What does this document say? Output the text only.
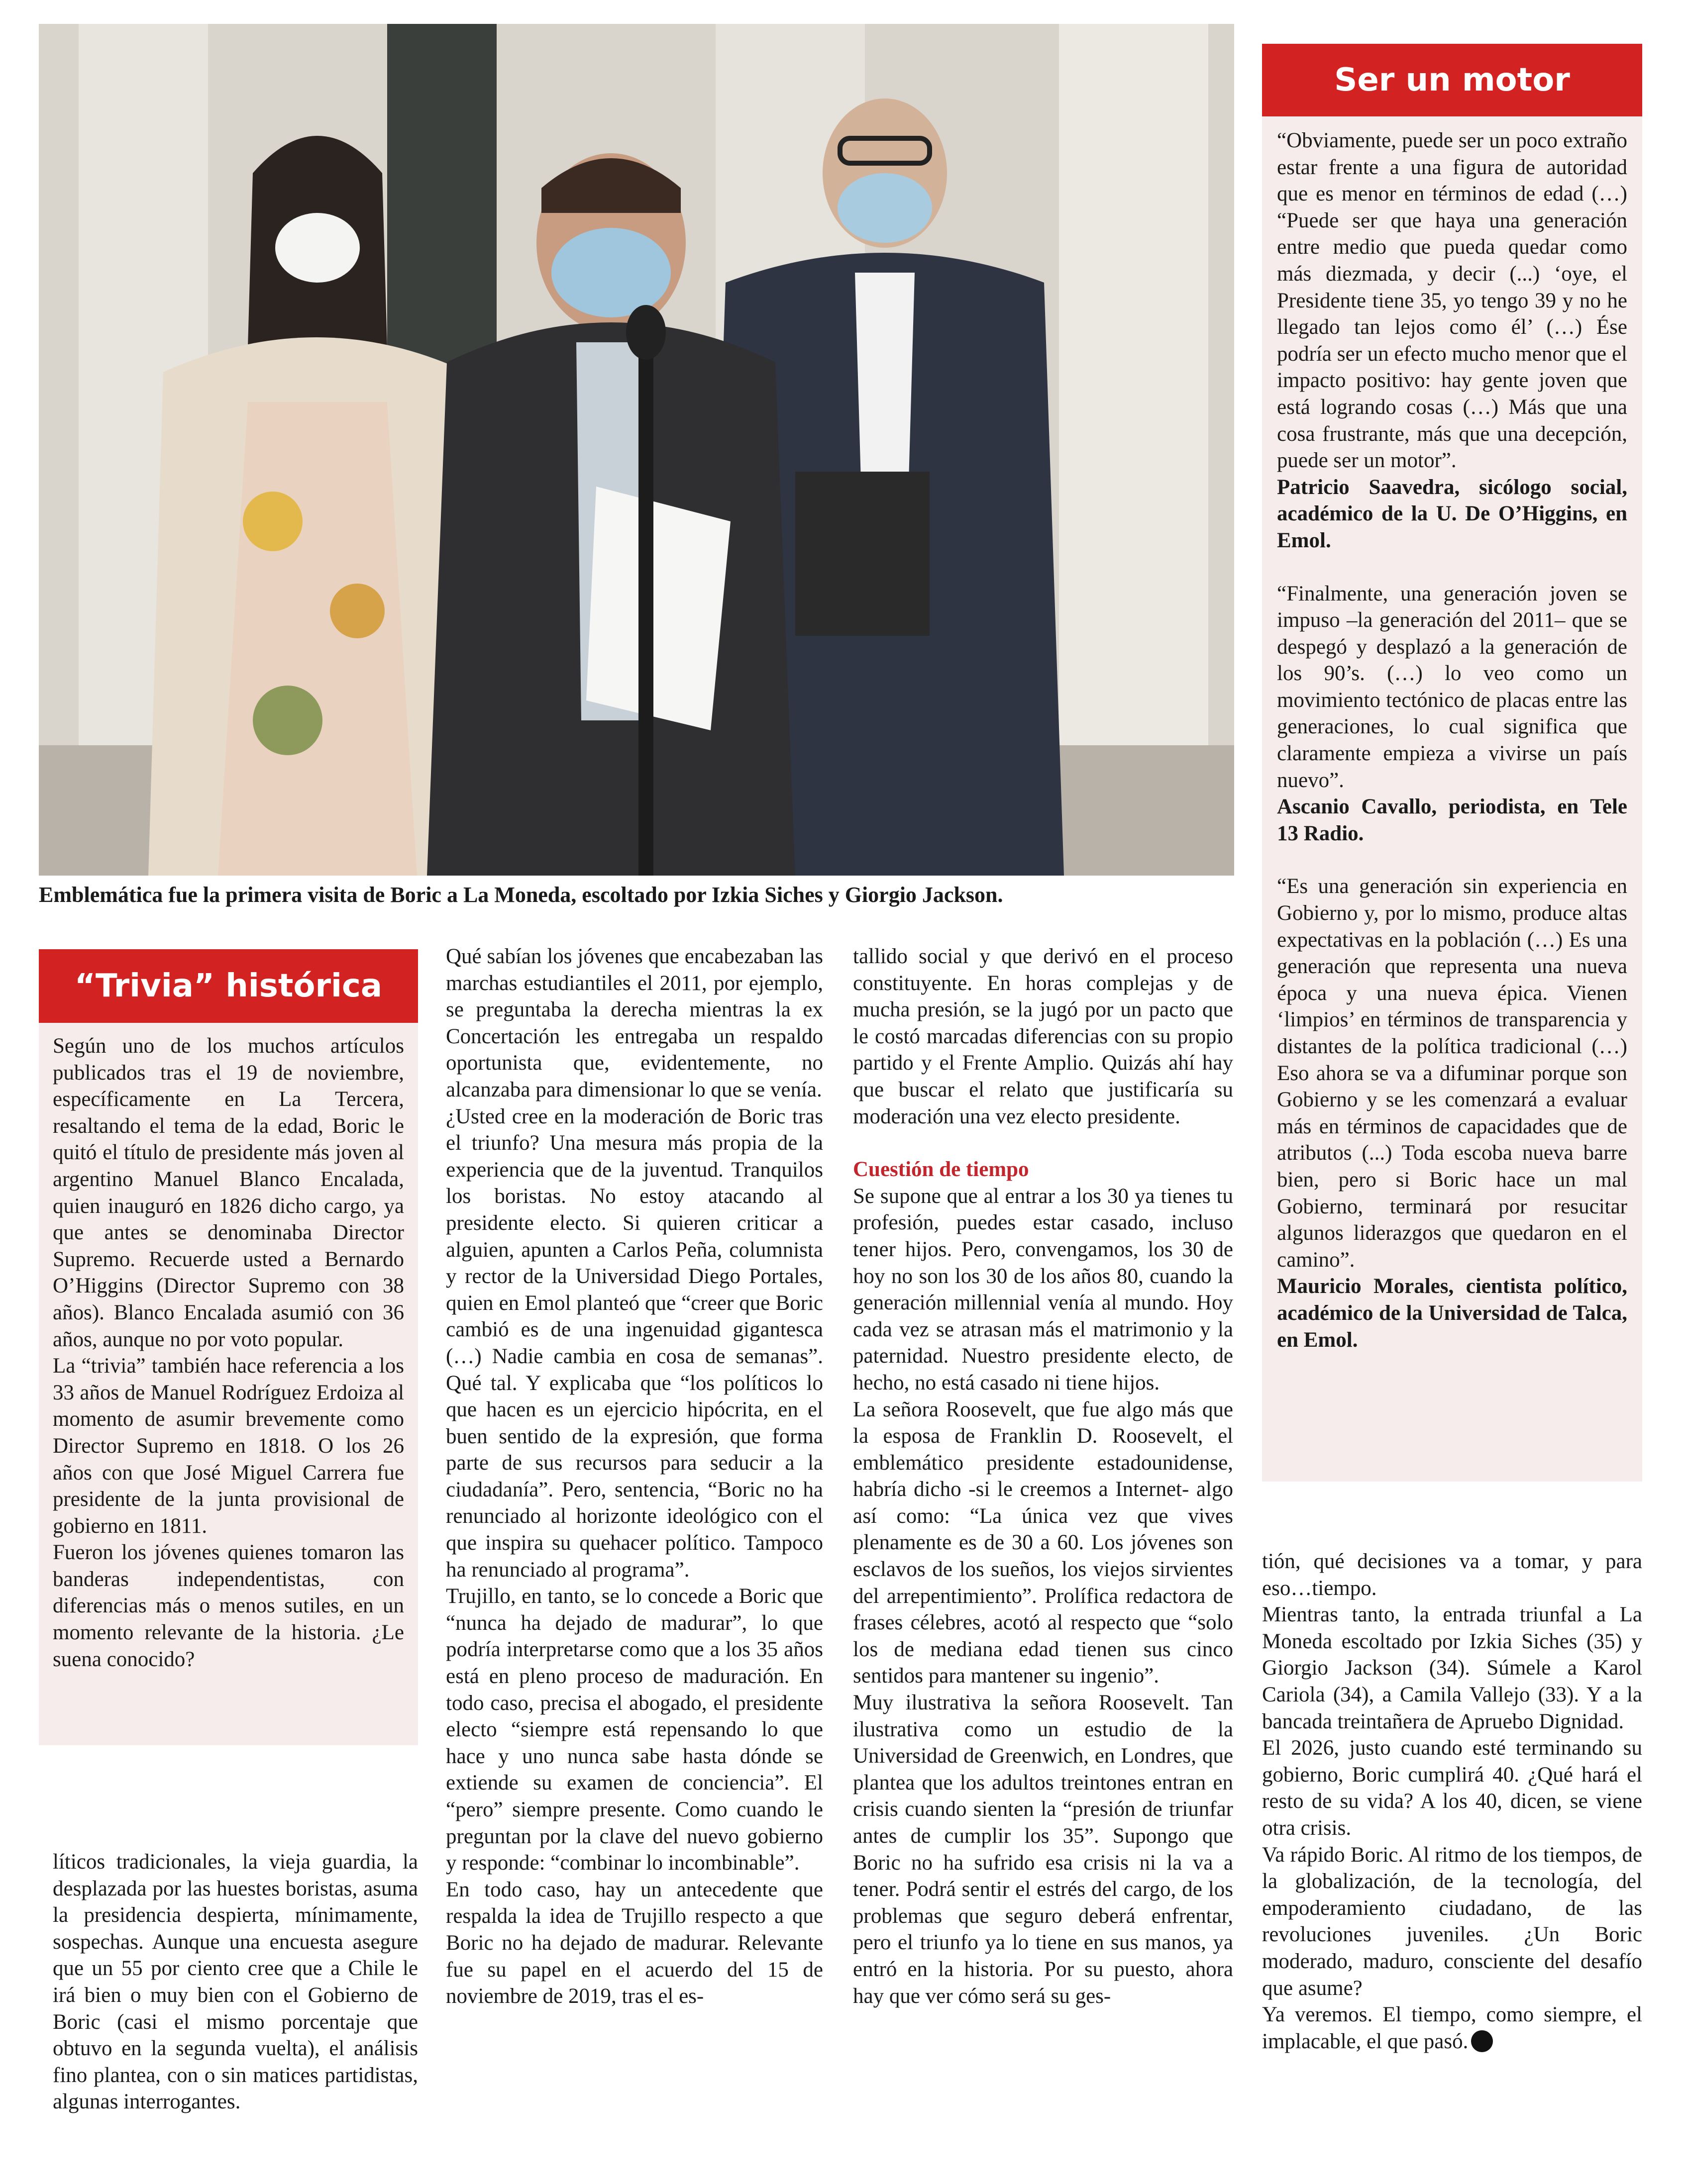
Emblemática fue la primera visita de Boric a La Moneda, escoltado por Izkia Siches y Giorgio Jackson.
Ser un motor

“Obviamente, puede ser un poco extraño estar frente a una figura de autoridad que es menor en términos de edad (…) “Puede ser que haya una generación entre medio que pueda quedar como más diezmada, y decir (...) ‘oye, el Presidente tiene 35, yo tengo 39 y no he llegado tan lejos como él’ (…) Ése podría ser un efecto mucho menor que el impacto positivo: hay gente joven que está logrando cosas (…) Más que una cosa frustrante, más que una decepción, puede ser un motor”.
Patricio Saavedra, sicólogo social, académico de la U. De O’Higgins, en Emol.

“Finalmente, una generación joven se impuso –la generación del 2011– que se despegó y desplazó a la generación de los 90’s. (…) lo veo como un movimiento tectónico de placas entre las generaciones, lo cual significa que claramente empieza a vivirse un país nuevo”.
Ascanio Cavallo, periodista, en Tele 13 Radio.

“Es una generación sin experiencia en Gobierno y, por lo mismo, produce altas expectativas en la población (…) Es una generación que representa una nueva época y una nueva épica. Vienen ‘limpios’ en términos de transparencia y distantes de la política tradicional (…) Eso ahora se va a difuminar porque son Gobierno y se les comenzará a evaluar más en términos de capacidades que de atributos (...) Toda escoba nueva barre bien, pero si Boric hace un mal Gobierno, terminará por resucitar algunos liderazgos que quedaron en el camino”.
Mauricio Morales, cientista político, académico de la Universidad de Talca, en Emol.

“Trivia” histórica

Según uno de los muchos artículos publicados tras el 19 de noviembre, específicamente en La Tercera, resaltando el tema de la edad, Boric le quitó el título de presidente más joven al argentino Manuel Blanco Encalada, quien inauguró en 1826 dicho cargo, ya que antes se denominaba Director Supremo. Recuerde usted a Bernardo O’Higgins (Director Supremo con 38 años). Blanco Encalada asumió con 36 años, aunque no por voto popular.

La “trivia” también hace referencia a los 33 años de Manuel Rodríguez Erdoiza al momento de asumir brevemente como Director Supremo en 1818. O los 26 años con que José Miguel Carrera fue presidente de la junta provisional de gobierno en 1811.

Fueron los jóvenes quienes tomaron las banderas independentistas, con diferencias más o menos sutiles, en un momento relevante de la historia. ¿Le suena conocido?

líticos tradicionales, la vieja guardia, la desplazada por las huestes boristas, asuma la presidencia despierta, mínimamente, sospechas. Aunque una encuesta asegure que un 55 por ciento cree que a Chile le irá bien o muy bien con el Gobierno de Boric (casi el mismo porcentaje que obtuvo en la segunda vuelta), el análisis fino plantea, con o sin matices partidistas, algunas interrogantes.

Qué sabían los jóvenes que encabezaban las marchas estudiantiles el 2011, por ejemplo, se preguntaba la derecha mientras la ex Concertación les entregaba un respaldo oportunista que, evidentemente, no alcanzaba para dimensionar lo que se venía.

¿Usted cree en la moderación de Boric tras el triunfo? Una mesura más propia de la experiencia que de la juventud. Tranquilos los boristas. No estoy atacando al presidente electo. Si quieren criticar a alguien, apunten a Carlos Peña, columnista y rector de la Universidad Diego Portales, quien en Emol planteó que “creer que Boric cambió es de una ingenuidad gigantesca (…) Nadie cambia en cosa de semanas”. Qué tal. Y explicaba que “los políticos lo que hacen es un ejercicio hipócrita, en el buen sentido de la expresión, que forma parte de sus recursos para seducir a la ciudadanía”. Pero, sentencia, “Boric no ha renunciado al horizonte ideológico con el que inspira su quehacer político. Tampoco ha renunciado al programa”.

Trujillo, en tanto, se lo concede a Boric que “nunca ha dejado de madurar”, lo que podría interpretarse como que a los 35 años está en pleno proceso de maduración. En todo caso, precisa el abogado, el presidente electo “siempre está repensando lo que hace y uno nunca sabe hasta dónde se extiende su examen de conciencia”. El “pero” siempre presente. Como cuando le preguntan por la clave del nuevo gobierno y responde: “combinar lo incombinable”.

En todo caso, hay un antecedente que respalda la idea de Trujillo respecto a que Boric no ha dejado de madurar. Relevante fue su papel en el acuerdo del 15 de noviembre de 2019, tras el es-

tallido social y que derivó en el proceso constituyente. En horas complejas y de mucha presión, se la jugó por un pacto que le costó marcadas diferencias con su propio partido y el Frente Amplio. Quizás ahí hay que buscar el relato que justificaría su moderación una vez electo presidente.

Cuestión de tiempo

Se supone que al entrar a los 30 ya tienes tu profesión, puedes estar casado, incluso tener hijos. Pero, convengamos, los 30 de hoy no son los 30 de los años 80, cuando la generación millennial venía al mundo. Hoy cada vez se atrasan más el matrimonio y la paternidad. Nuestro presidente electo, de hecho, no está casado ni tiene hijos.

La señora Roosevelt, que fue algo más que la esposa de Franklin D. Roosevelt, el emblemático presidente estadounidense, habría dicho -si le creemos a Internet- algo así como: “La única vez que vives plenamente es de 30 a 60. Los jóvenes son esclavos de los sueños, los viejos sirvientes del arrepentimiento”. Prolífica redactora de frases célebres, acotó al respecto que “solo los de mediana edad tienen sus cinco sentidos para mantener su ingenio”.

Muy ilustrativa la señora Roosevelt. Tan ilustrativa como un estudio de la Universidad de Greenwich, en Londres, que plantea que los adultos treintones entran en crisis cuando sienten la “presión de triunfar antes de cumplir los 35”. Supongo que Boric no ha sufrido esa crisis ni la va a tener. Podrá sentir el estrés del cargo, de los problemas que seguro deberá enfrentar, pero el triunfo ya lo tiene en sus manos, ya entró en la historia. Por su puesto, ahora hay que ver cómo será su ges-

tión, qué decisiones va a tomar, y para eso…tiempo.

Mientras tanto, la entrada triunfal a La Moneda escoltado por Izkia Siches (35) y Giorgio Jackson (34). Súmele a Karol Cariola (34), a Camila Vallejo (33). Y a la bancada treintañera de Apruebo Dignidad.

El 2026, justo cuando esté terminando su gobierno, Boric cumplirá 40. ¿Qué hará el resto de su vida? A los 40, dicen, se viene otra crisis.

Va rápido Boric. Al ritmo de los tiempos, de la globalización, de la tecnología, del empoderamiento ciudadano, de las revoluciones juveniles. ¿Un Boric moderado, maduro, consciente del desafío que asume?

Ya veremos. El tiempo, como siempre, el implacable, el que pasó.
